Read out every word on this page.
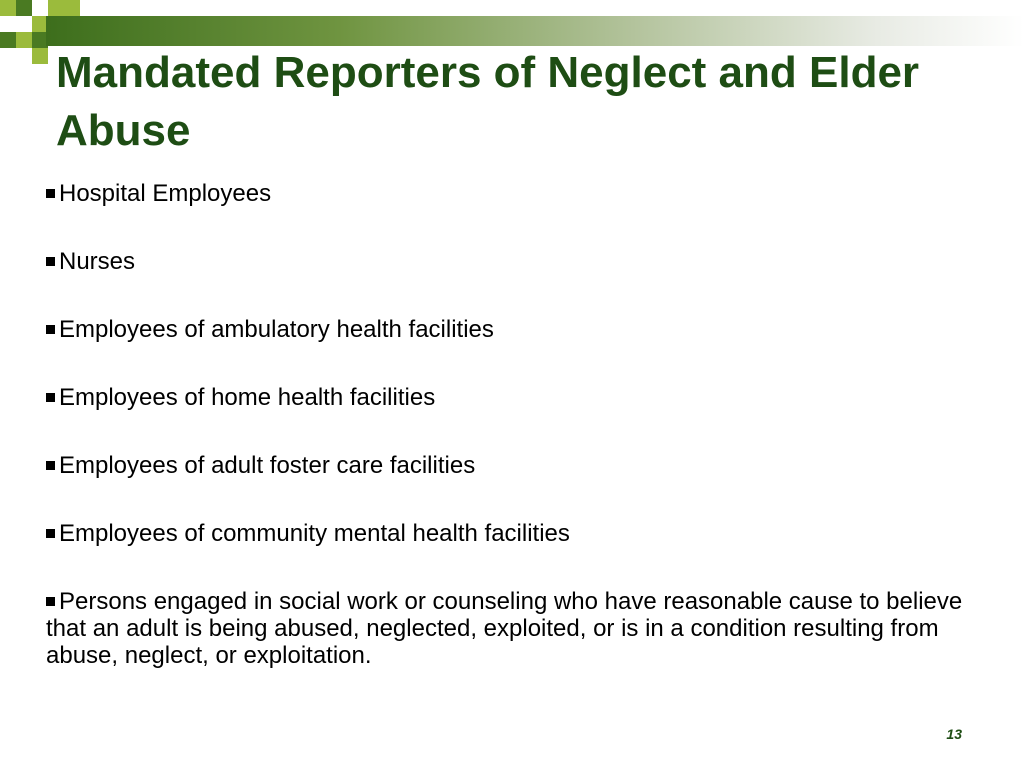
Mandated Reporters of Neglect and Elder Abuse
Hospital Employees
Nurses
Employees of ambulatory health facilities
Employees of home health facilities
Employees of adult foster care facilities
Employees of community mental health facilities
Persons engaged in social work or counseling who have reasonable cause to believe that an adult is being abused, neglected, exploited, or is in a condition resulting from abuse, neglect, or exploitation.
13
